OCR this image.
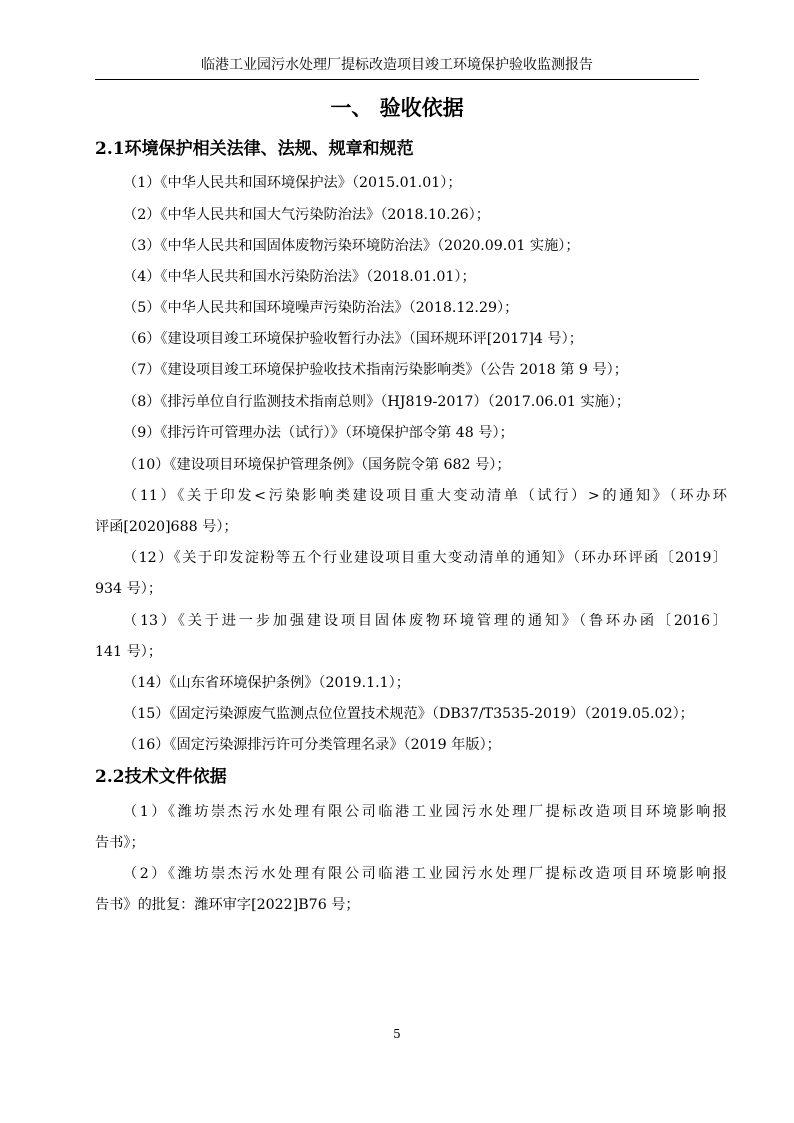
临港工业园污水处理厂提标改造项目竣工环境保护验收监测报告
一、 验收依据
2.1环境保护相关法律、法规、规章和规范
（1）《中华人民共和国环境保护法》（2015.01.01）；
（2）《中华人民共和国大气污染防治法》（2018.10.26）；
（3）《中华人民共和国固体废物污染环境防治法》（2020.09.01 实施）；
（4）《中华人民共和国水污染防治法》（2018.01.01）；
（5）《中华人民共和国环境噪声污染防治法》（2018.12.29）；
（6）《建设项目竣工环境保护验收暂行办法》（国环规环评[2017]4 号）；
（7）《建设项目竣工环境保护验收技术指南污染影响类》（公告 2018 第 9 号）；
（8）《排污单位自行监测技术指南总则》（HJ819-2017）（2017.06.01 实施）；
（9）《排污许可管理办法（试行）》（环境保护部令第 48 号）；
（10）《建设项目环境保护管理条例》（国务院令第 682 号）；
（11）《关于印发<污染影响类建设项目重大变动清单（试行）>的通知》（环办环
评函[2020]688 号）；
（12）《关于印发淀粉等五个行业建设项目重大变动清单的通知》（环办环评函〔2019〕
934 号）；
（13）《关于进一步加强建设项目固体废物环境管理的通知》（鲁环办函〔2016〕
141 号）；
（14）《山东省环境保护条例》（2019.1.1）；
（15）《固定污染源废气监测点位位置技术规范》（DB37/T3535-2019）（2019.05.02）；
（16）《固定污染源排污许可分类管理名录》（2019 年版）；
2.2技术文件依据
（1）《潍坊崇杰污水处理有限公司临港工业园污水处理厂提标改造项目环境影响报
告书》；
（2）《潍坊崇杰污水处理有限公司临港工业园污水处理厂提标改造项目环境影响报
告书》的批复：潍环审字[2022]B76 号；
5
